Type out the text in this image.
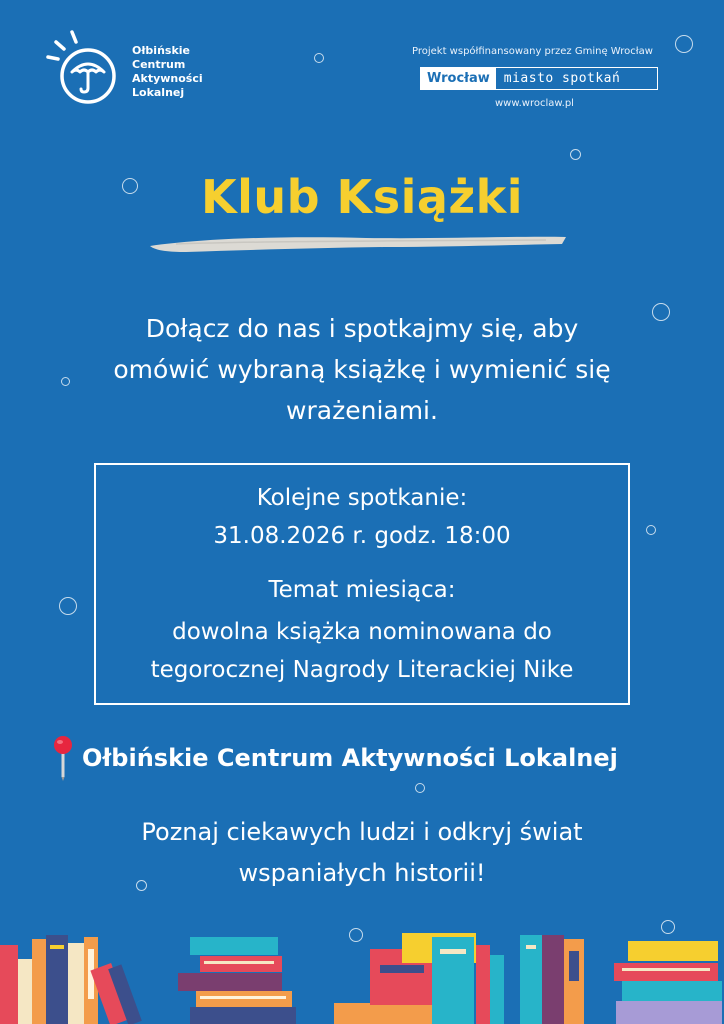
Ołbińskie
Centrum
Aktywności
Lokalnej
Projekt współfinansowany przez Gminę Wrocław
Wrocław	miasto spotkań
www.wroclaw.pl
Klub Książki
Dołącz do nas i spotkajmy się, aby
omówić wybraną książkę i wymienić się
wrażeniami.
Kolejne spotkanie:
31.08.2026 r. godz. 18:00
Temat miesiąca:
dowolna książka nominowana do
tegorocznej Nagrody Literackiej Nike
Ołbińskie Centrum Aktywności Lokalnej
Poznaj ciekawych ludzi i odkryj świat
wspaniałych historii!
